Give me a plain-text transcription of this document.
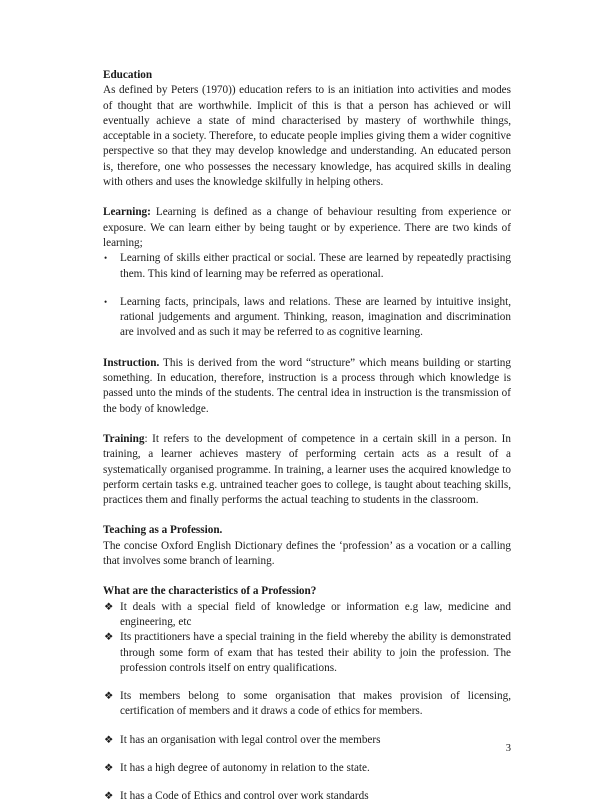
Education

As defined by Peters (1970)) education refers to is an initiation into activities and modes of thought that are worthwhile. Implicit of this is that a person has achieved or will eventually achieve a state of mind characterised by mastery of worthwhile things, acceptable in a society. Therefore, to educate people implies giving them a wider cognitive perspective so that they may develop knowledge and understanding. An educated person is, therefore, one who possesses the necessary knowledge, has acquired skills in dealing with others and uses the knowledge skilfully in helping others.

Learning: Learning is defined as a change of behaviour resulting from experience or exposure. We can learn either by being taught or by experience. There are two kinds of learning;

•	Learning of skills either practical or social. These are learned by repeatedly practising them. This kind of learning may be referred as operational.
•	Learning facts, principals, laws and relations. These are learned by intuitive insight, rational judgements and argument. Thinking, reason, imagination and discrimination are involved and as such it may be referred to as cognitive learning.

Instruction. This is derived from the word “structure” which means building or starting something. In education, therefore, instruction is a process through which knowledge is passed unto the minds of the students. The central idea in instruction is the transmission of the body of knowledge.

Training: It refers to the development of competence in a certain skill in a person. In training, a learner achieves mastery of performing certain acts as a result of a systematically organised programme. In training, a learner uses the acquired knowledge to perform certain tasks e.g. untrained teacher goes to college, is taught about teaching skills, practices them and finally performs the actual teaching to students in the classroom.

Teaching as a Profession.

The concise Oxford English Dictionary defines the ‘profession’ as a vocation or a calling that involves some branch of learning.

What are the characteristics of a Profession?

❖ It deals with a special field of knowledge or information e.g law, medicine and engineering, etc
❖ Its practitioners have a special training in the field whereby the ability is demonstrated through some form of exam that has tested their ability to join the profession. The profession controls itself on entry qualifications.
❖ Its members belong to some organisation that makes provision of licensing, certification of members and it draws a code of ethics for members.
❖ It has an organisation with legal control over the members
❖ It has a high degree of autonomy in relation to the state.
❖ It has a Code of Ethics and control over work standards
3
